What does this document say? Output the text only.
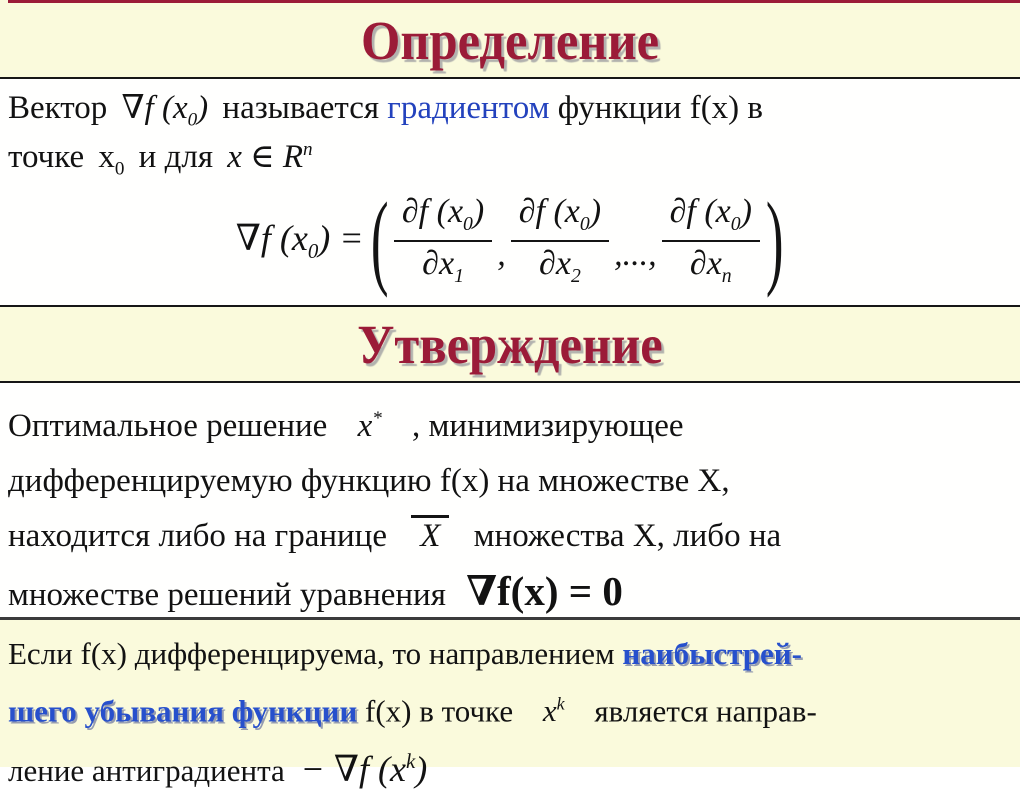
Определение
Вектор ∇f $(x_0)$ называется градиентом функции f(x) в
точке $x_0$ и для x ∈ $R^n$
∇f $(x_0)$ = ( $\frac{\partial f (x_0)}{\partial x_1}$ , $\frac{\partial f (x_0)}{\partial x_2}$ ,..., $\frac{\partial f (x_0)}{\partial x_n}$ )
Утверждение
Оптимальное решение x* , минимизирующее
дифференцируемую функцию f(x) на множестве X,
находится либо на границе X множества X, либо на
множестве решений уравнения ∇f(x) = 0
Если f(x) дифференцируема, то направлением наибыстрей-
шего убывания функции f(x) в точке $x^k$ является направ-
ление антиградиента − ∇f $(x^k)$
